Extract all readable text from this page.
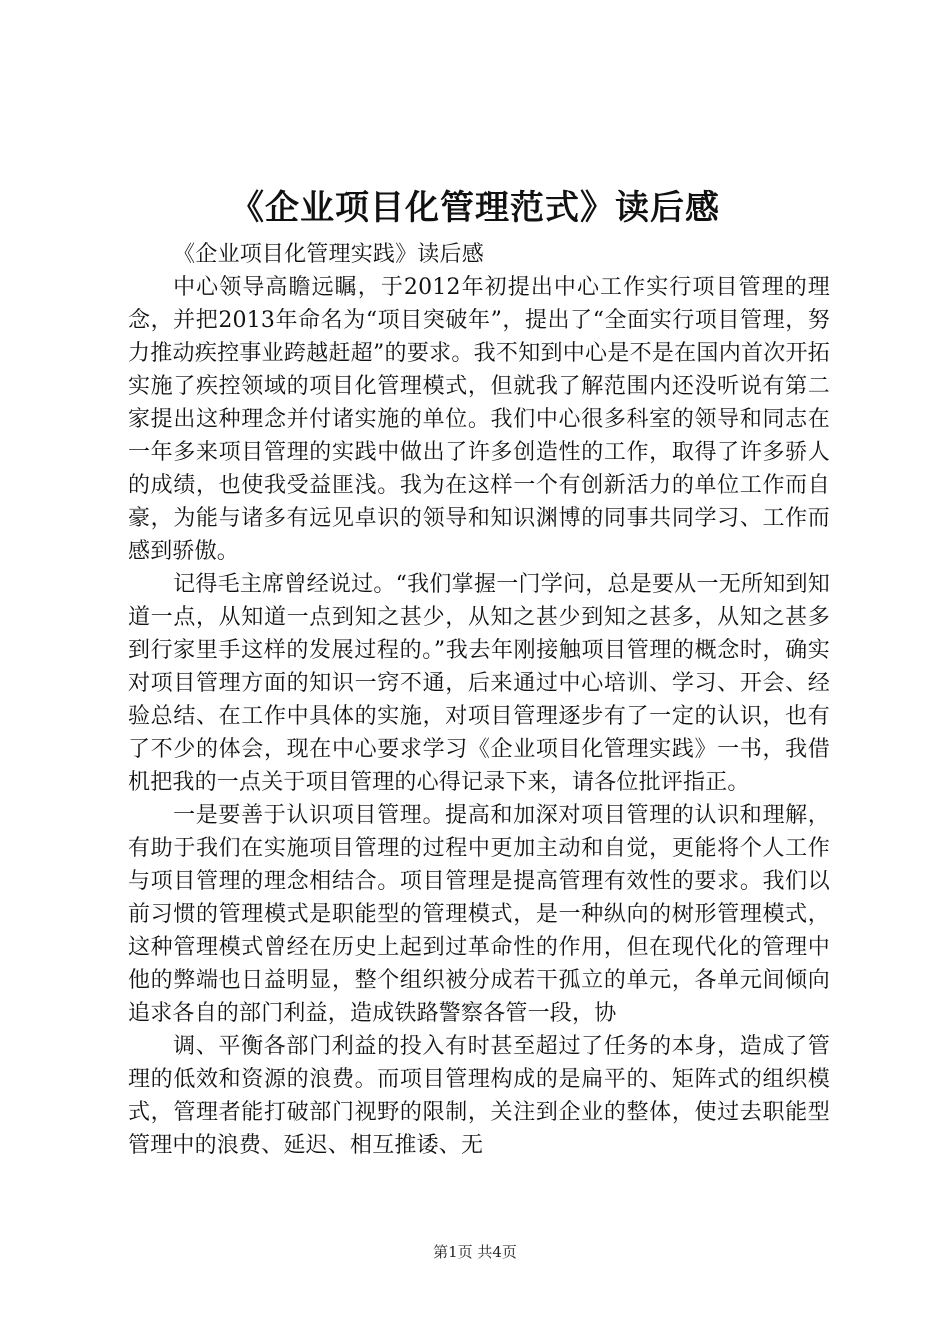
《企业项目化管理范式》读后感

《企业项目化管理实践》读后感

中心领导高瞻远瞩，于2012年初提出中心工作实行项目管理的理念，并把2013年命名为“项目突破年”，提出了“全面实行项目管理，努力推动疾控事业跨越赶超”的要求。我不知到中心是不是在国内首次开拓实施了疾控领域的项目化管理模式，但就我了解范围内还没听说有第二家提出这种理念并付诸实施的单位。我们中心很多科室的领导和同志在一年多来项目管理的实践中做出了许多创造性的工作，取得了许多骄人的成绩，也使我受益匪浅。我为在这样一个有创新活力的单位工作而自豪，为能与诸多有远见卓识的领导和知识渊博的同事共同学习、工作而感到骄傲。

记得毛主席曾经说过。“我们掌握一门学问，总是要从一无所知到知道一点，从知道一点到知之甚少，从知之甚少到知之甚多，从知之甚多到行家里手这样的发展过程的。”我去年刚接触项目管理的概念时，确实对项目管理方面的知识一窍不通，后来通过中心培训、学习、开会、经验总结、在工作中具体的实施，对项目管理逐步有了一定的认识，也有了不少的体会，现在中心要求学习《企业项目化管理实践》一书，我借机把我的一点关于项目管理的心得记录下来，请各位批评指正。

一是要善于认识项目管理。提高和加深对项目管理的认识和理解，有助于我们在实施项目管理的过程中更加主动和自觉，更能将个人工作与项目管理的理念相结合。项目管理是提高管理有效性的要求。我们以前习惯的管理模式是职能型的管理模式，是一种纵向的树形管理模式，这种管理模式曾经在历史上起到过革命性的作用，但在现代化的管理中他的弊端也日益明显，整个组织被分成若干孤立的单元，各单元间倾向追求各自的部门利益，造成铁路警察各管一段，协

调、平衡各部门利益的投入有时甚至超过了任务的本身，造成了管理的低效和资源的浪费。而项目管理构成的是扁平的、矩阵式的组织模式，管理者能打破部门视野的限制，关注到企业的整体，使过去职能型管理中的浪费、延迟、相互推诿、无

第1页 共4页
